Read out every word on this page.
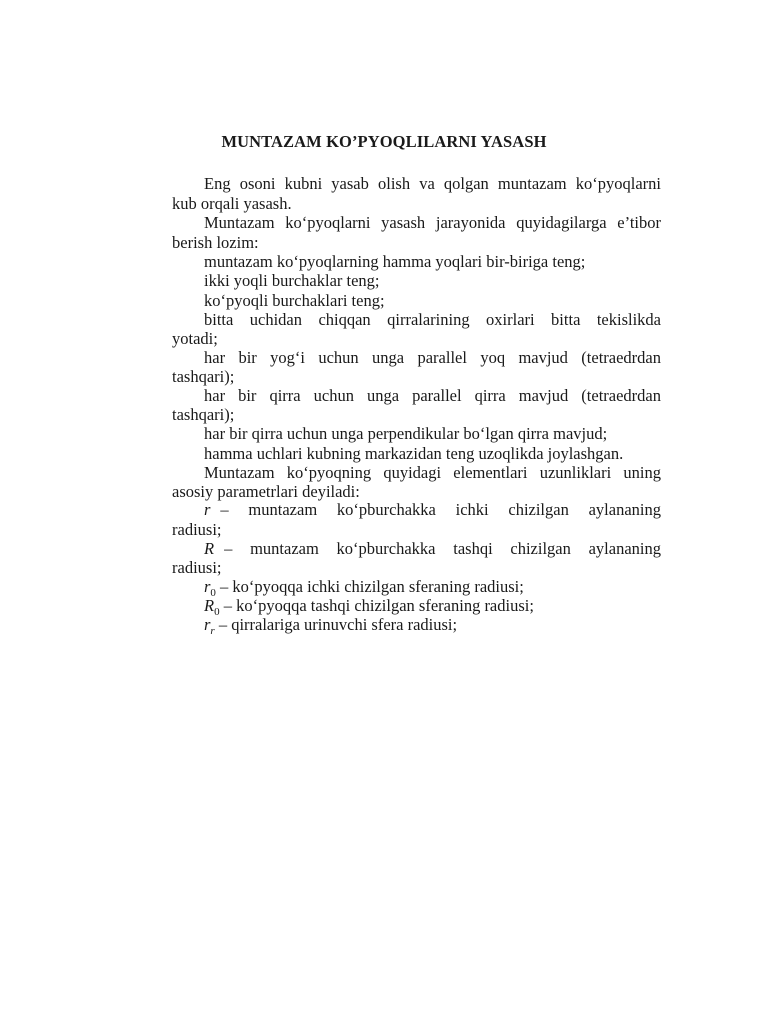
MUNTAZAM KO’PYOQLILARNI YASASH
Eng osoni kubni yasab olish va qolgan muntazam ko‘pyoqlarni
kub orqali yasash.
Muntazam ko‘pyoqlarni yasash jarayonida quyidagilarga e’tibor
berish lozim:
muntazam ko‘pyoqlarning hamma yoqlari bir-biriga teng;
ikki yoqli burchaklar teng;
ko‘pyoqli burchaklari teng;
bitta uchidan chiqqan qirralarining oxirlari bitta tekislikda
yotadi;
har bir yog‘i uchun unga parallel yoq mavjud (tetraedrdan
tashqari);
har bir qirra uchun unga parallel qirra mavjud (tetraedrdan
tashqari);
har bir qirra uchun unga perpendikular bo‘lgan qirra mavjud;
hamma uchlari kubning markazidan teng uzoqlikda joylashgan.
Muntazam ko‘pyoqning quyidagi elementlari uzunliklari uning
asosiy parametrlari deyiladi:
r – muntazam ko‘pburchakka ichki chizilgan aylananing
radiusi;
R – muntazam ko‘pburchakka tashqi chizilgan aylananing
radiusi;
$r_0$ – ko‘pyoqqa ichki chizilgan sferaning radiusi;
$R_0$ – ko‘pyoqqa tashqi chizilgan sferaning radiusi;
$r_r$ – qirralariga urinuvchi sfera radiusi;
